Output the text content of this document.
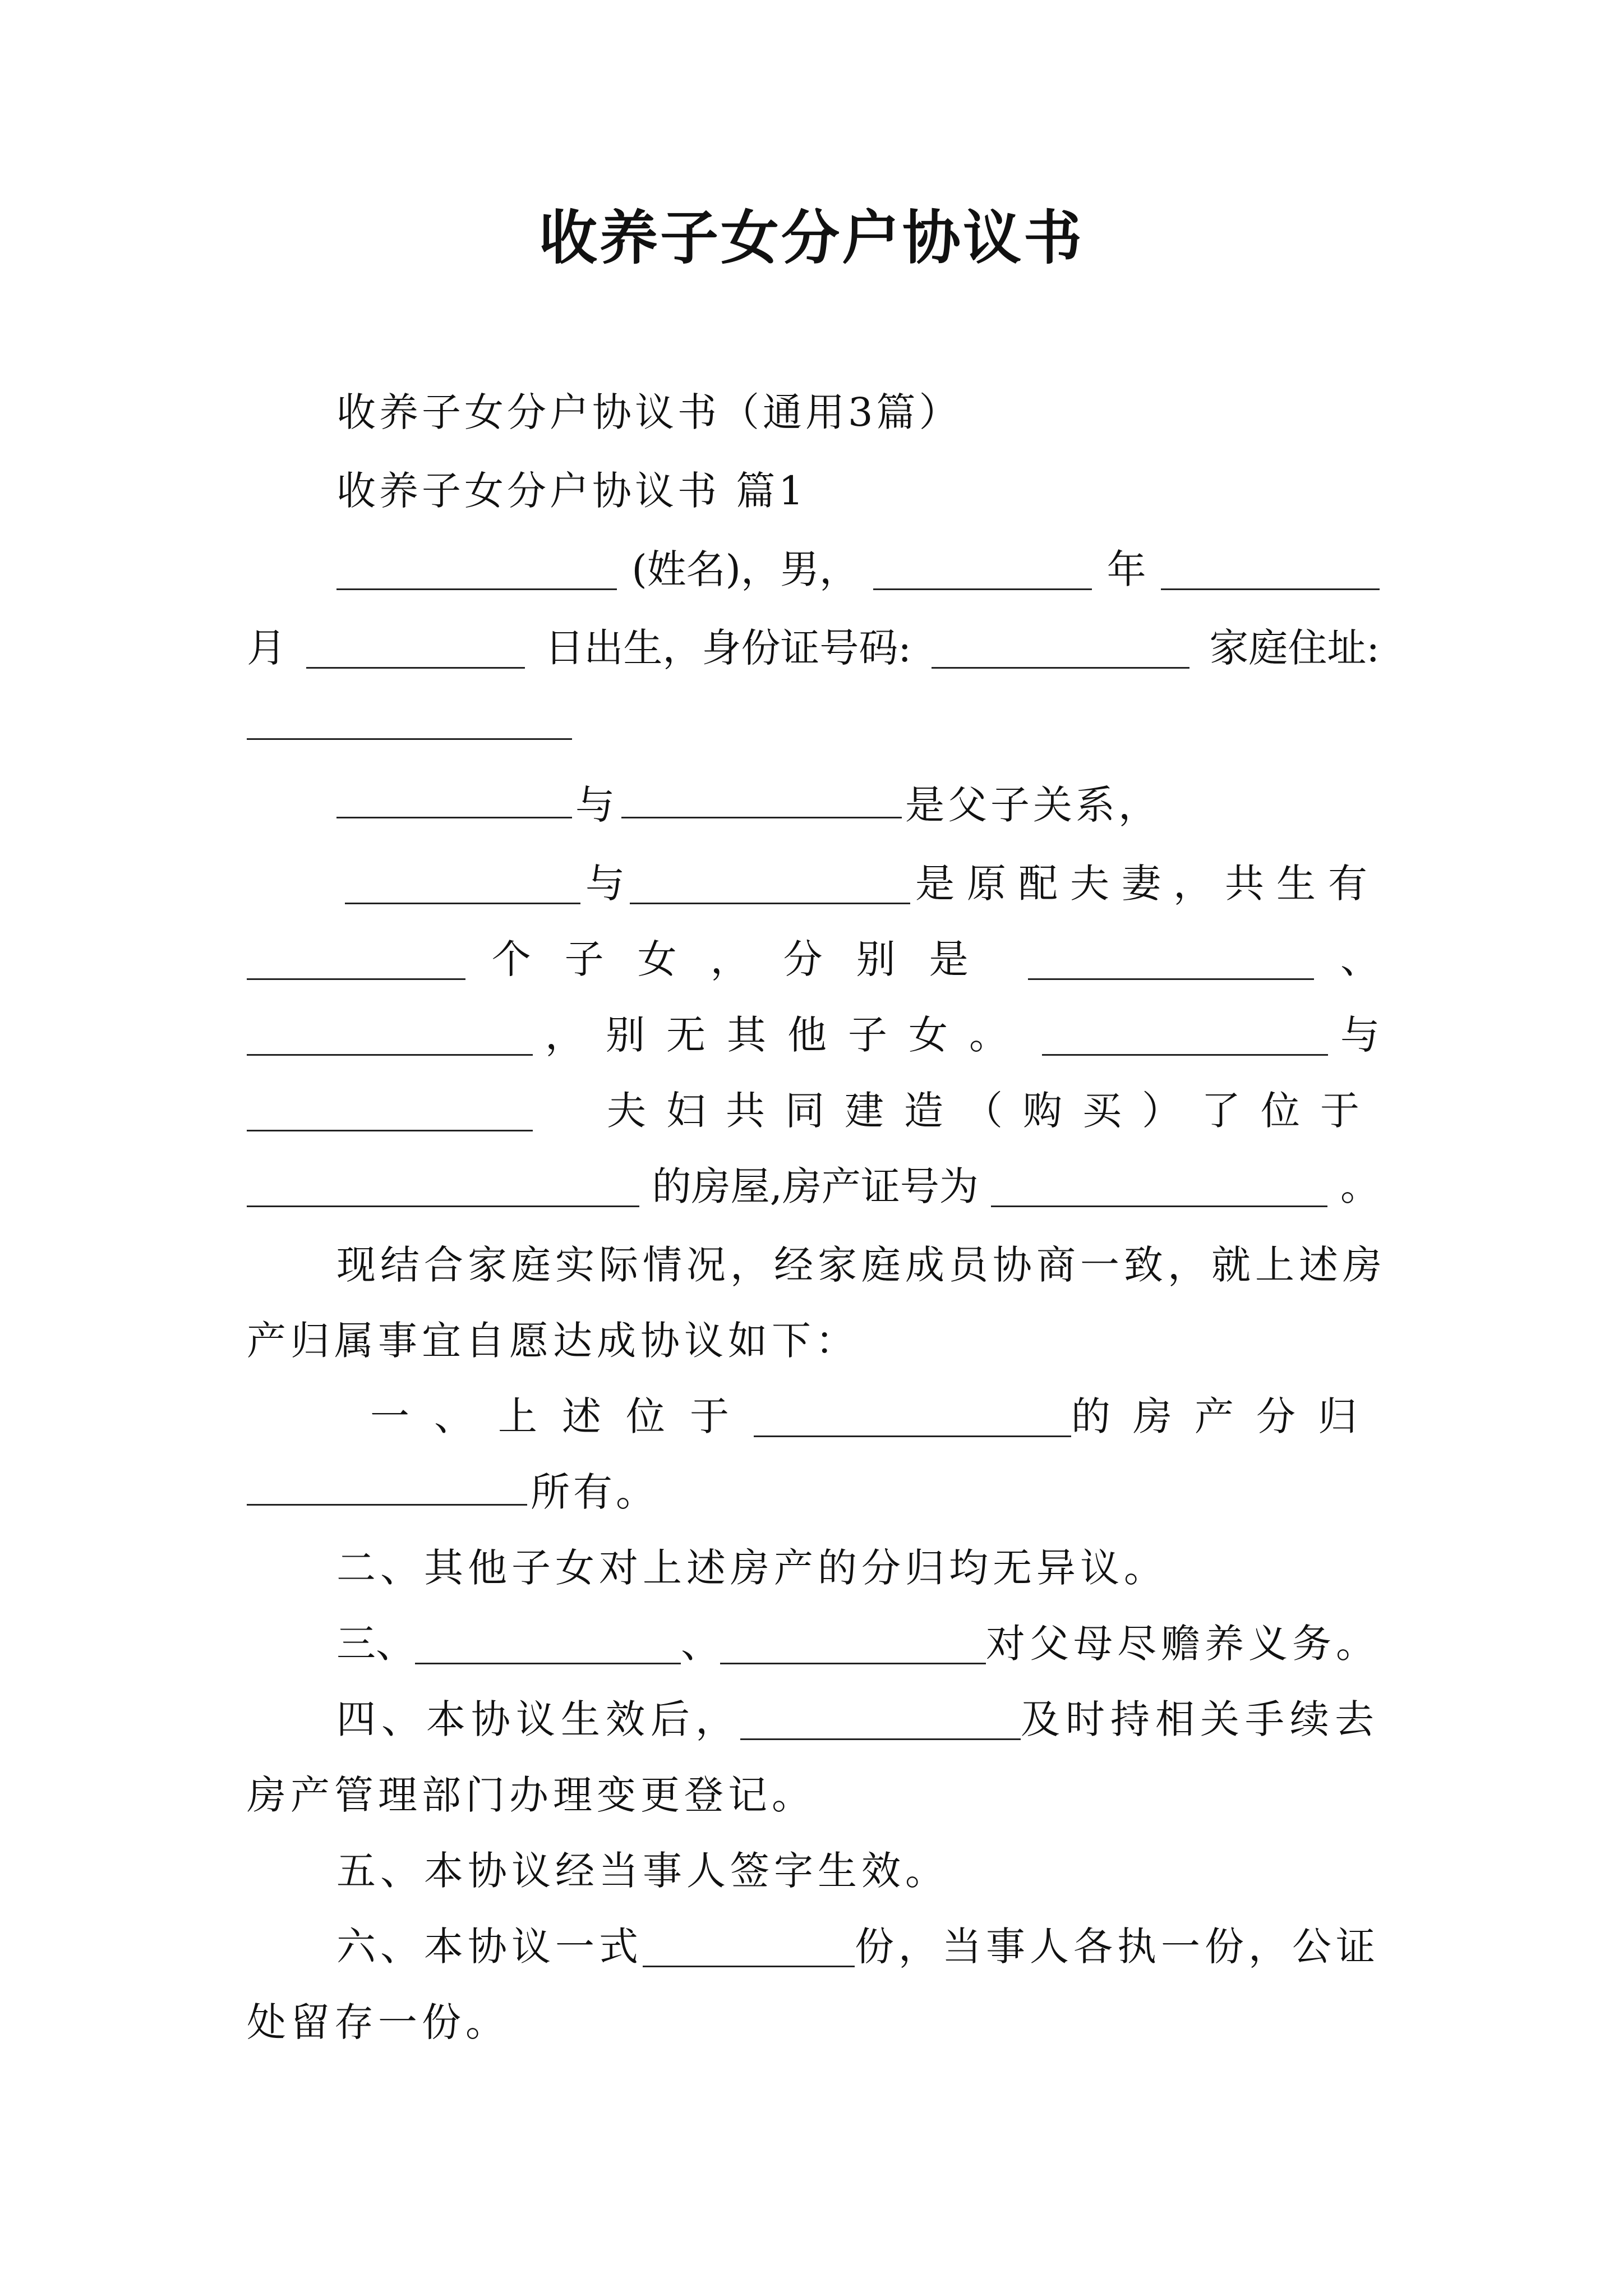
收养子女分户协议书
收养子女分户协议书（通用3篇）
收养子女分户协议书 篇1
(姓名)，男，	年
月	日出生，身份证号码:	家庭住址:
与	是父子关系，
与	是原配夫妻，共生有
个子女，分别是	、
，别无其他子女。	与
夫妇共同建造（购买）了位于
的房屋,房产证号为	。
现结合家庭实际情况，经家庭成员协商一致，就上述房
产归属事宜自愿达成协议如下：
一、上述位于	的房产分归
所有。
二、其他子女对上述房产的分归均无异议。
三、	、	对父母尽赡养义务。
四、本协议生效后，	及时持相关手续去
房产管理部门办理变更登记。
五、本协议经当事人签字生效。
六、本协议一式	份，当事人各执一份，公证
处留存一份。
